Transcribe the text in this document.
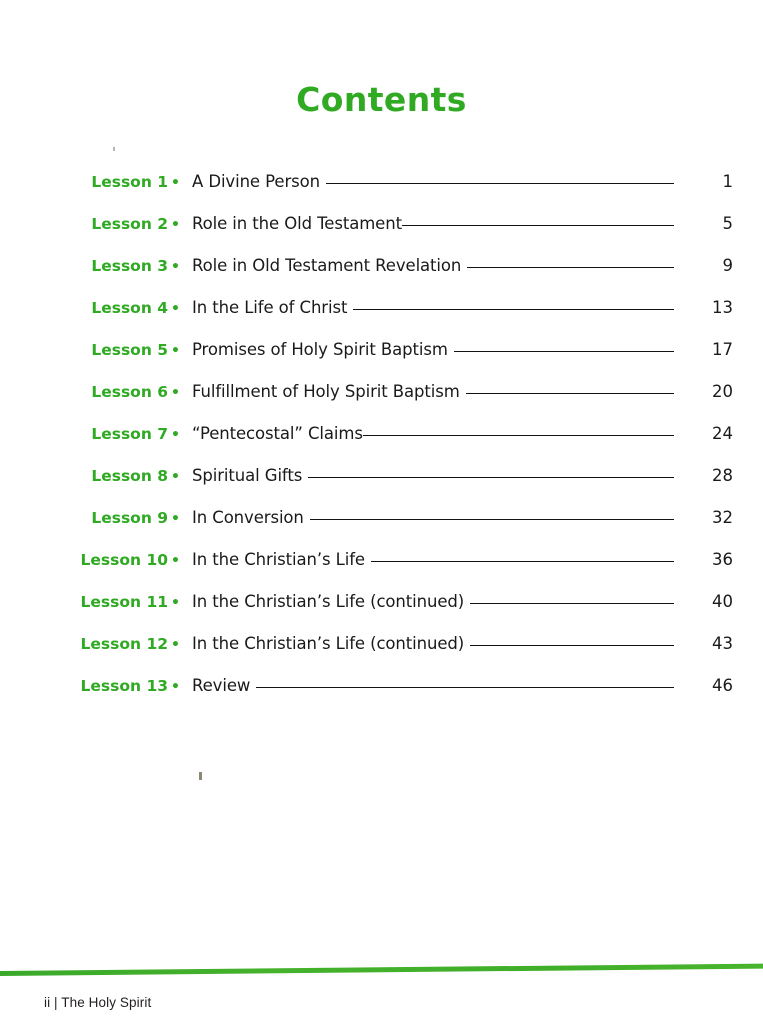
Contents
Lesson 1 • A Divine Person	1
Lesson 2 • Role in the Old Testament	5
Lesson 3 • Role in Old Testament Revelation	9
Lesson 4 • In the Life of Christ	13
Lesson 5 • Promises of Holy Spirit Baptism	17
Lesson 6 • Fulfillment of Holy Spirit Baptism	20
Lesson 7 • “Pentecostal” Claims	24
Lesson 8 • Spiritual Gifts	28
Lesson 9 • In Conversion	32
Lesson 10 • In the Christian’s Life	36
Lesson 11 • In the Christian’s Life (continued)	40
Lesson 12 • In the Christian’s Life (continued)	43
Lesson 13 • Review	46
ii | The Holy Spirit
